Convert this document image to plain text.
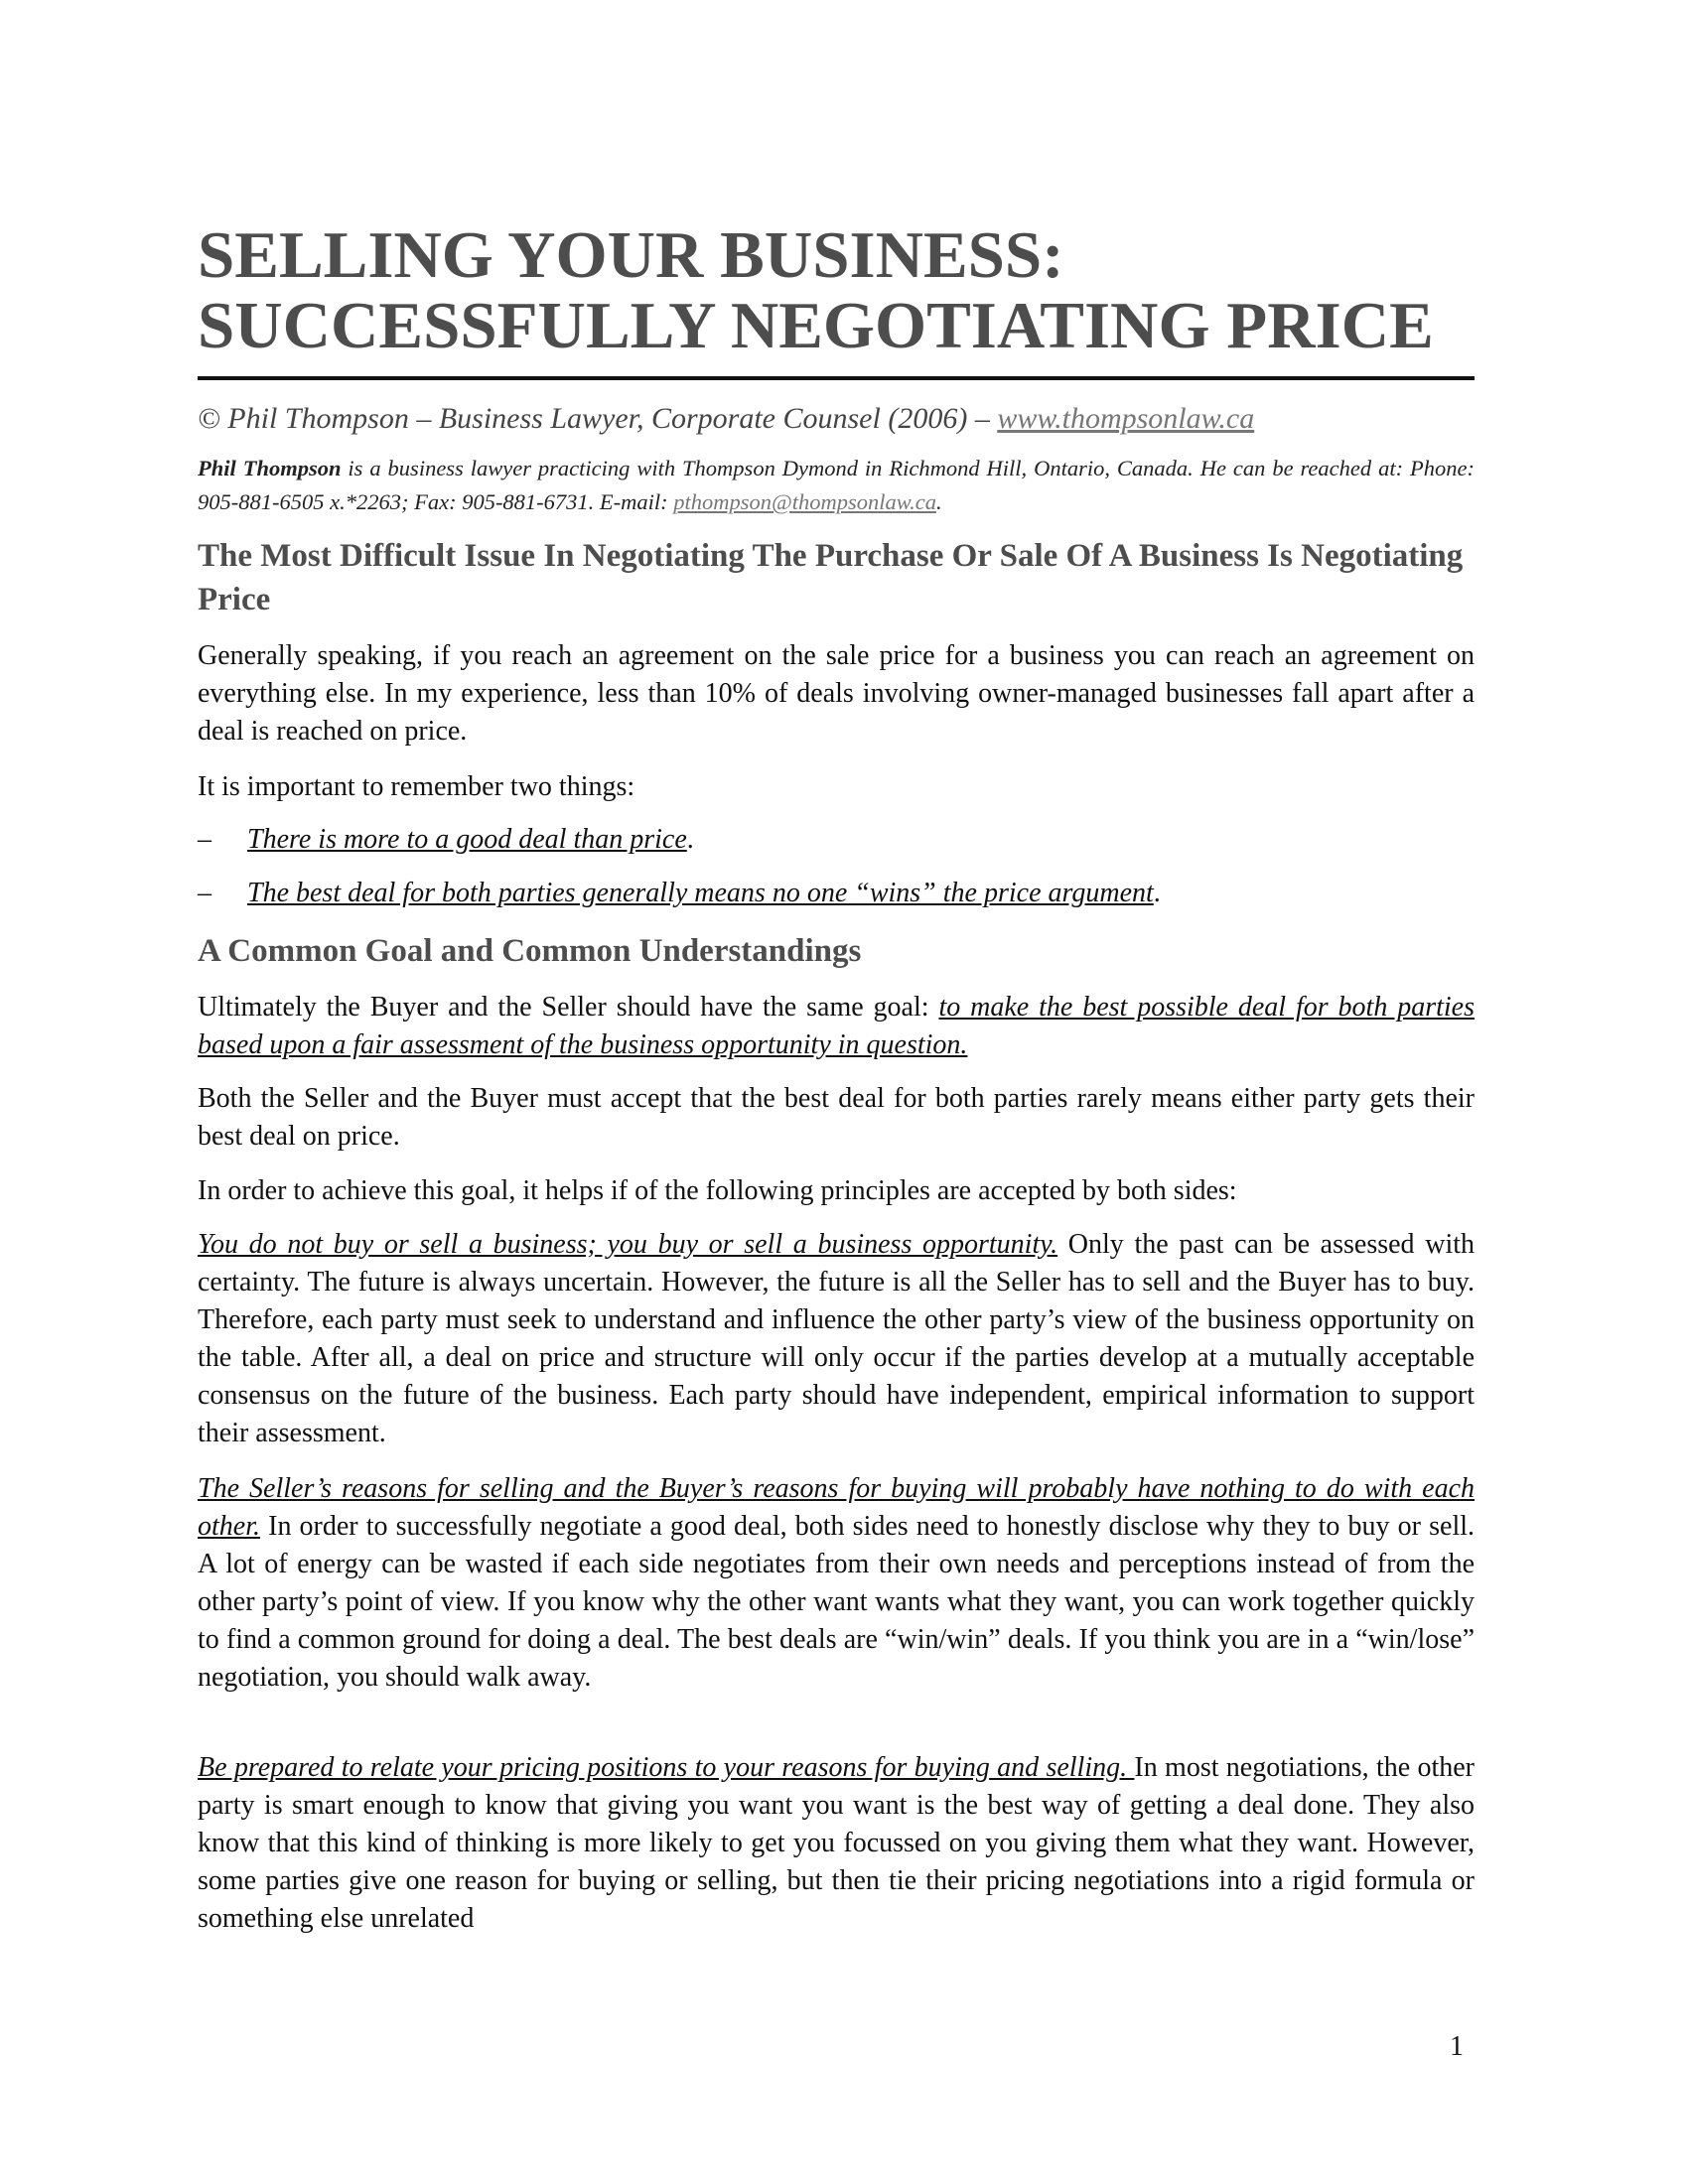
SELLING YOUR BUSINESS:
SUCCESSFULLY NEGOTIATING PRICE
© Phil Thompson – Business Lawyer, Corporate Counsel (2006) – www.thompsonlaw.ca
Phil Thompson is a business lawyer practicing with Thompson Dymond in Richmond Hill, Ontario, Canada. He can be reached at: Phone: 905-881-6505 x.*2263; Fax: 905-881-6731. E-mail: pthompson@thompsonlaw.ca.
The Most Difficult Issue In Negotiating The Purchase Or Sale Of A Business Is Negotiating Price

Generally speaking, if you reach an agreement on the sale price for a business you can reach an agreement on everything else. In my experience, less than 10% of deals involving owner-managed businesses fall apart after a deal is reached on price.

It is important to remember two things:

–	There is more to a good deal than price.
–	The best deal for both parties generally means no one “wins” the price argument.
A Common Goal and Common Understandings

Ultimately the Buyer and the Seller should have the same goal: to make the best possible deal for both parties based upon a fair assessment of the business opportunity in question.

Both the Seller and the Buyer must accept that the best deal for both parties rarely means either party gets their best deal on price.

In order to achieve this goal, it helps if of the following principles are accepted by both sides:

You do not buy or sell a business; you buy or sell a business opportunity. Only the past can be assessed with certainty. The future is always uncertain. However, the future is all the Seller has to sell and the Buyer has to buy. Therefore, each party must seek to understand and influence the other party’s view of the business opportunity on the table. After all, a deal on price and structure will only occur if the parties develop at a mutually acceptable consensus on the future of the business. Each party should have independent, empirical information to support their assessment.

The Seller’s reasons for selling and the Buyer’s reasons for buying will probably have nothing to do with each other. In order to successfully negotiate a good deal, both sides need to honestly disclose why they to buy or sell. A lot of energy can be wasted if each side negotiates from their own needs and perceptions instead of from the other party’s point of view. If you know why the other want wants what they want, you can work together quickly to find a common ground for doing a deal. The best deals are “win/win” deals. If you think you are in a “win/lose” negotiation, you should walk away.

Be prepared to relate your pricing positions to your reasons for buying and selling. In most negotiations, the other party is smart enough to know that giving you want you want is the best way of getting a deal done. They also know that this kind of thinking is more likely to get you focussed on you giving them what they want. However, some parties give one reason for buying or selling, but then tie their pricing negotiations into a rigid formula or something else unrelated

1
